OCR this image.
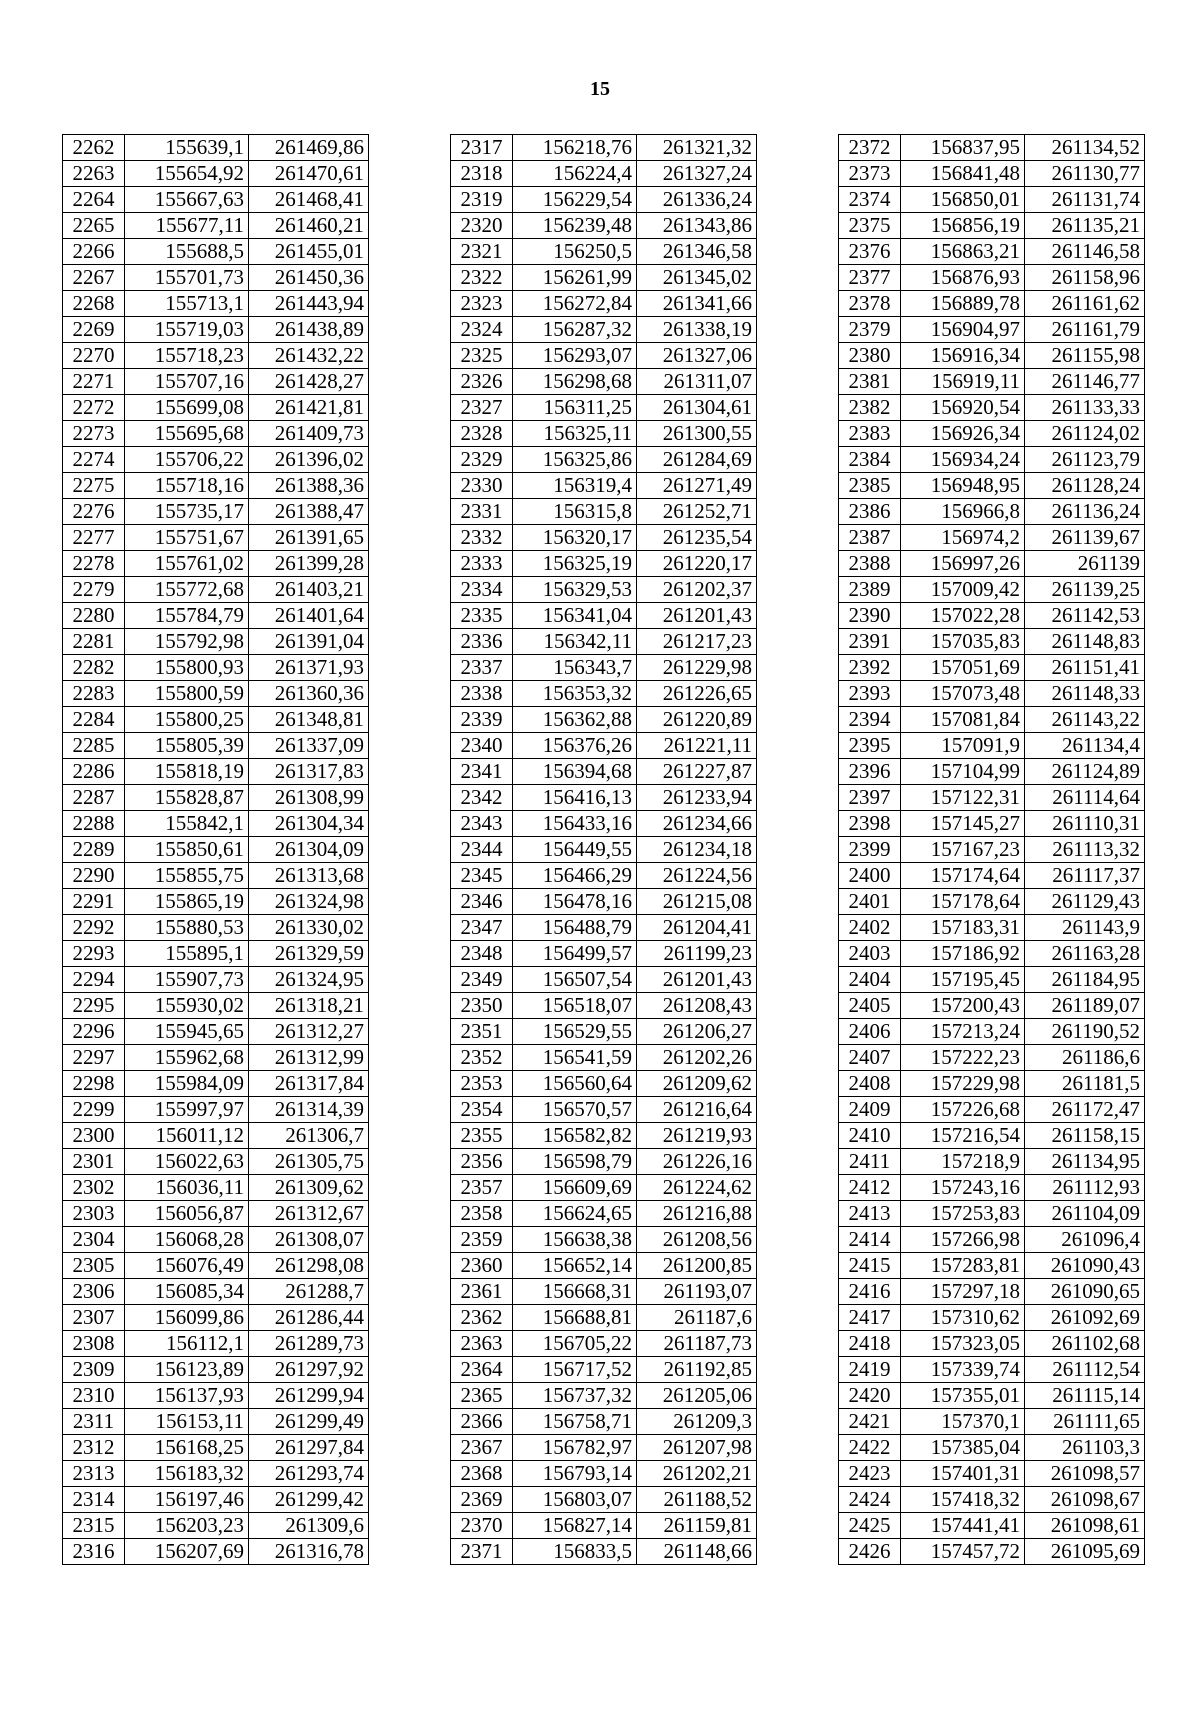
15
2262	155639,1	261469,86
2263	155654,92	261470,61
2264	155667,63	261468,41
2265	155677,11	261460,21
2266	155688,5	261455,01
2267	155701,73	261450,36
2268	155713,1	261443,94
2269	155719,03	261438,89
2270	155718,23	261432,22
2271	155707,16	261428,27
2272	155699,08	261421,81
2273	155695,68	261409,73
2274	155706,22	261396,02
2275	155718,16	261388,36
2276	155735,17	261388,47
2277	155751,67	261391,65
2278	155761,02	261399,28
2279	155772,68	261403,21
2280	155784,79	261401,64
2281	155792,98	261391,04
2282	155800,93	261371,93
2283	155800,59	261360,36
2284	155800,25	261348,81
2285	155805,39	261337,09
2286	155818,19	261317,83
2287	155828,87	261308,99
2288	155842,1	261304,34
2289	155850,61	261304,09
2290	155855,75	261313,68
2291	155865,19	261324,98
2292	155880,53	261330,02
2293	155895,1	261329,59
2294	155907,73	261324,95
2295	155930,02	261318,21
2296	155945,65	261312,27
2297	155962,68	261312,99
2298	155984,09	261317,84
2299	155997,97	261314,39
2300	156011,12	261306,7
2301	156022,63	261305,75
2302	156036,11	261309,62
2303	156056,87	261312,67
2304	156068,28	261308,07
2305	156076,49	261298,08
2306	156085,34	261288,7
2307	156099,86	261286,44
2308	156112,1	261289,73
2309	156123,89	261297,92
2310	156137,93	261299,94
2311	156153,11	261299,49
2312	156168,25	261297,84
2313	156183,32	261293,74
2314	156197,46	261299,42
2315	156203,23	261309,6
2316	156207,69	261316,78
2317	156218,76	261321,32
2318	156224,4	261327,24
2319	156229,54	261336,24
2320	156239,48	261343,86
2321	156250,5	261346,58
2322	156261,99	261345,02
2323	156272,84	261341,66
2324	156287,32	261338,19
2325	156293,07	261327,06
2326	156298,68	261311,07
2327	156311,25	261304,61
2328	156325,11	261300,55
2329	156325,86	261284,69
2330	156319,4	261271,49
2331	156315,8	261252,71
2332	156320,17	261235,54
2333	156325,19	261220,17
2334	156329,53	261202,37
2335	156341,04	261201,43
2336	156342,11	261217,23
2337	156343,7	261229,98
2338	156353,32	261226,65
2339	156362,88	261220,89
2340	156376,26	261221,11
2341	156394,68	261227,87
2342	156416,13	261233,94
2343	156433,16	261234,66
2344	156449,55	261234,18
2345	156466,29	261224,56
2346	156478,16	261215,08
2347	156488,79	261204,41
2348	156499,57	261199,23
2349	156507,54	261201,43
2350	156518,07	261208,43
2351	156529,55	261206,27
2352	156541,59	261202,26
2353	156560,64	261209,62
2354	156570,57	261216,64
2355	156582,82	261219,93
2356	156598,79	261226,16
2357	156609,69	261224,62
2358	156624,65	261216,88
2359	156638,38	261208,56
2360	156652,14	261200,85
2361	156668,31	261193,07
2362	156688,81	261187,6
2363	156705,22	261187,73
2364	156717,52	261192,85
2365	156737,32	261205,06
2366	156758,71	261209,3
2367	156782,97	261207,98
2368	156793,14	261202,21
2369	156803,07	261188,52
2370	156827,14	261159,81
2371	156833,5	261148,66
2372	156837,95	261134,52
2373	156841,48	261130,77
2374	156850,01	261131,74
2375	156856,19	261135,21
2376	156863,21	261146,58
2377	156876,93	261158,96
2378	156889,78	261161,62
2379	156904,97	261161,79
2380	156916,34	261155,98
2381	156919,11	261146,77
2382	156920,54	261133,33
2383	156926,34	261124,02
2384	156934,24	261123,79
2385	156948,95	261128,24
2386	156966,8	261136,24
2387	156974,2	261139,67
2388	156997,26	261139
2389	157009,42	261139,25
2390	157022,28	261142,53
2391	157035,83	261148,83
2392	157051,69	261151,41
2393	157073,48	261148,33
2394	157081,84	261143,22
2395	157091,9	261134,4
2396	157104,99	261124,89
2397	157122,31	261114,64
2398	157145,27	261110,31
2399	157167,23	261113,32
2400	157174,64	261117,37
2401	157178,64	261129,43
2402	157183,31	261143,9
2403	157186,92	261163,28
2404	157195,45	261184,95
2405	157200,43	261189,07
2406	157213,24	261190,52
2407	157222,23	261186,6
2408	157229,98	261181,5
2409	157226,68	261172,47
2410	157216,54	261158,15
2411	157218,9	261134,95
2412	157243,16	261112,93
2413	157253,83	261104,09
2414	157266,98	261096,4
2415	157283,81	261090,43
2416	157297,18	261090,65
2417	157310,62	261092,69
2418	157323,05	261102,68
2419	157339,74	261112,54
2420	157355,01	261115,14
2421	157370,1	261111,65
2422	157385,04	261103,3
2423	157401,31	261098,57
2424	157418,32	261098,67
2425	157441,41	261098,61
2426	157457,72	261095,69
